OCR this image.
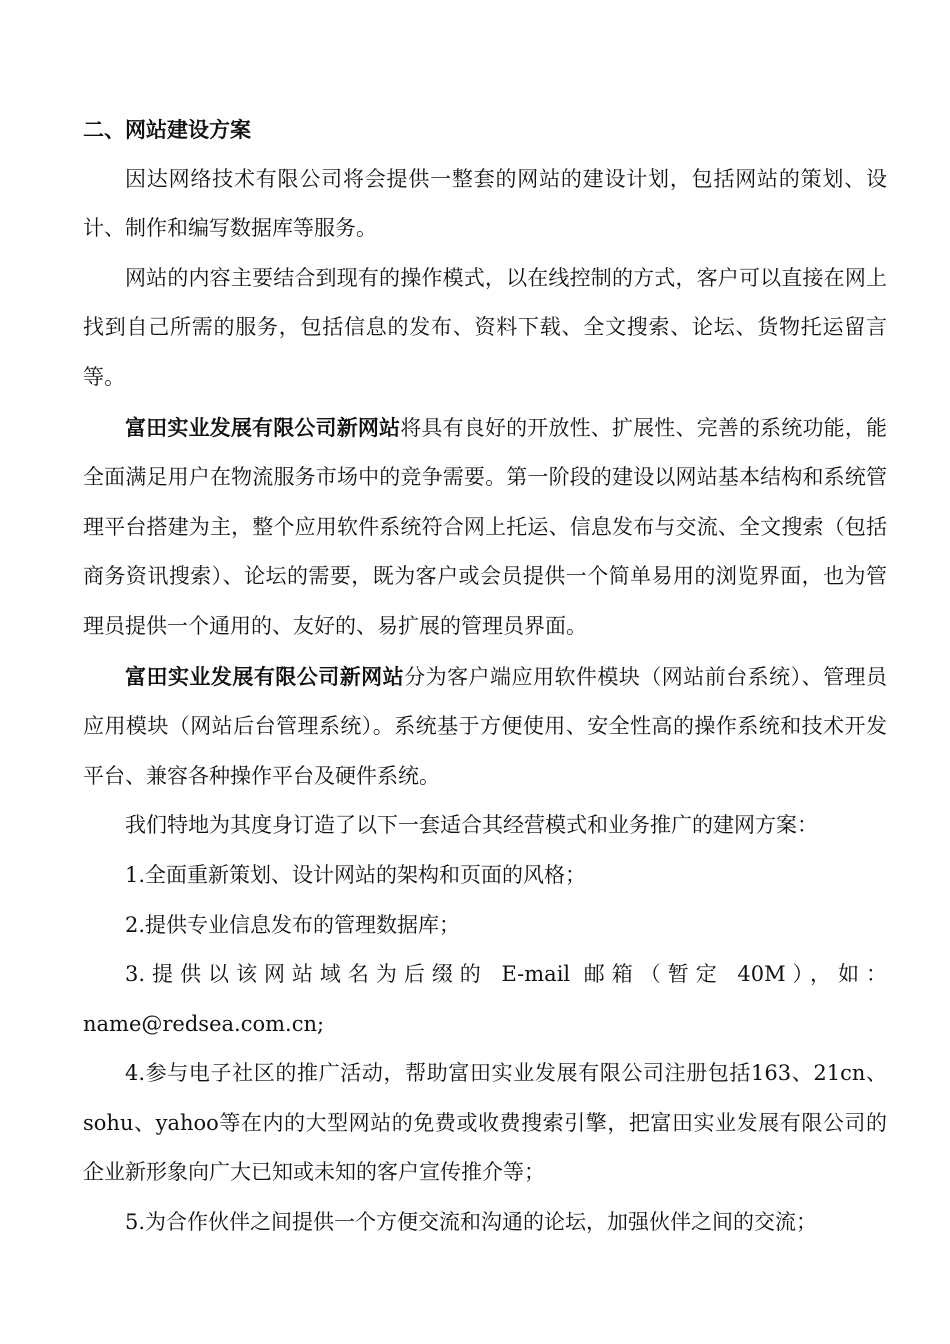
二、网站建设方案

因达网络技术有限公司将会提供一整套的网站的建设计划，包括网站的策划、设计、制作和编写数据库等服务。

网站的内容主要结合到现有的操作模式，以在线控制的方式，客户可以直接在网上找到自己所需的服务，包括信息的发布、资料下载、全文搜索、论坛、货物托运留言等。

富田实业发展有限公司新网站将具有良好的开放性、扩展性、完善的系统功能，能全面满足用户在物流服务市场中的竞争需要。第一阶段的建设以网站基本结构和系统管理平台搭建为主，整个应用软件系统符合网上托运、信息发布与交流、全文搜索（包括商务资讯搜索）、论坛的需要，既为客户或会员提供一个简单易用的浏览界面，也为管理员提供一个通用的、友好的、易扩展的管理员界面。

富田实业发展有限公司新网站分为客户端应用软件模块（网站前台系统）、管理员应用模块（网站后台管理系统）。系统基于方便使用、安全性高的操作系统和技术开发平台、兼容各种操作平台及硬件系统。

我们特地为其度身订造了以下一套适合其经营模式和业务推广的建网方案：

1.全面重新策划、设计网站的架构和页面的风格；

2.提供专业信息发布的管理数据库；

3.提供以该网站域名为后缀的 E-mail 邮箱（暂定 40M），如：

name@redsea.com.cn;

4.参与电子社区的推广活动，帮助富田实业发展有限公司注册包括163、21cn、sohu、yahoo等在内的大型网站的免费或收费搜索引擎，把富田实业发展有限公司的企业新形象向广大已知或未知的客户宣传推介等；

5.为合作伙伴之间提供一个方便交流和沟通的论坛，加强伙伴之间的交流；
